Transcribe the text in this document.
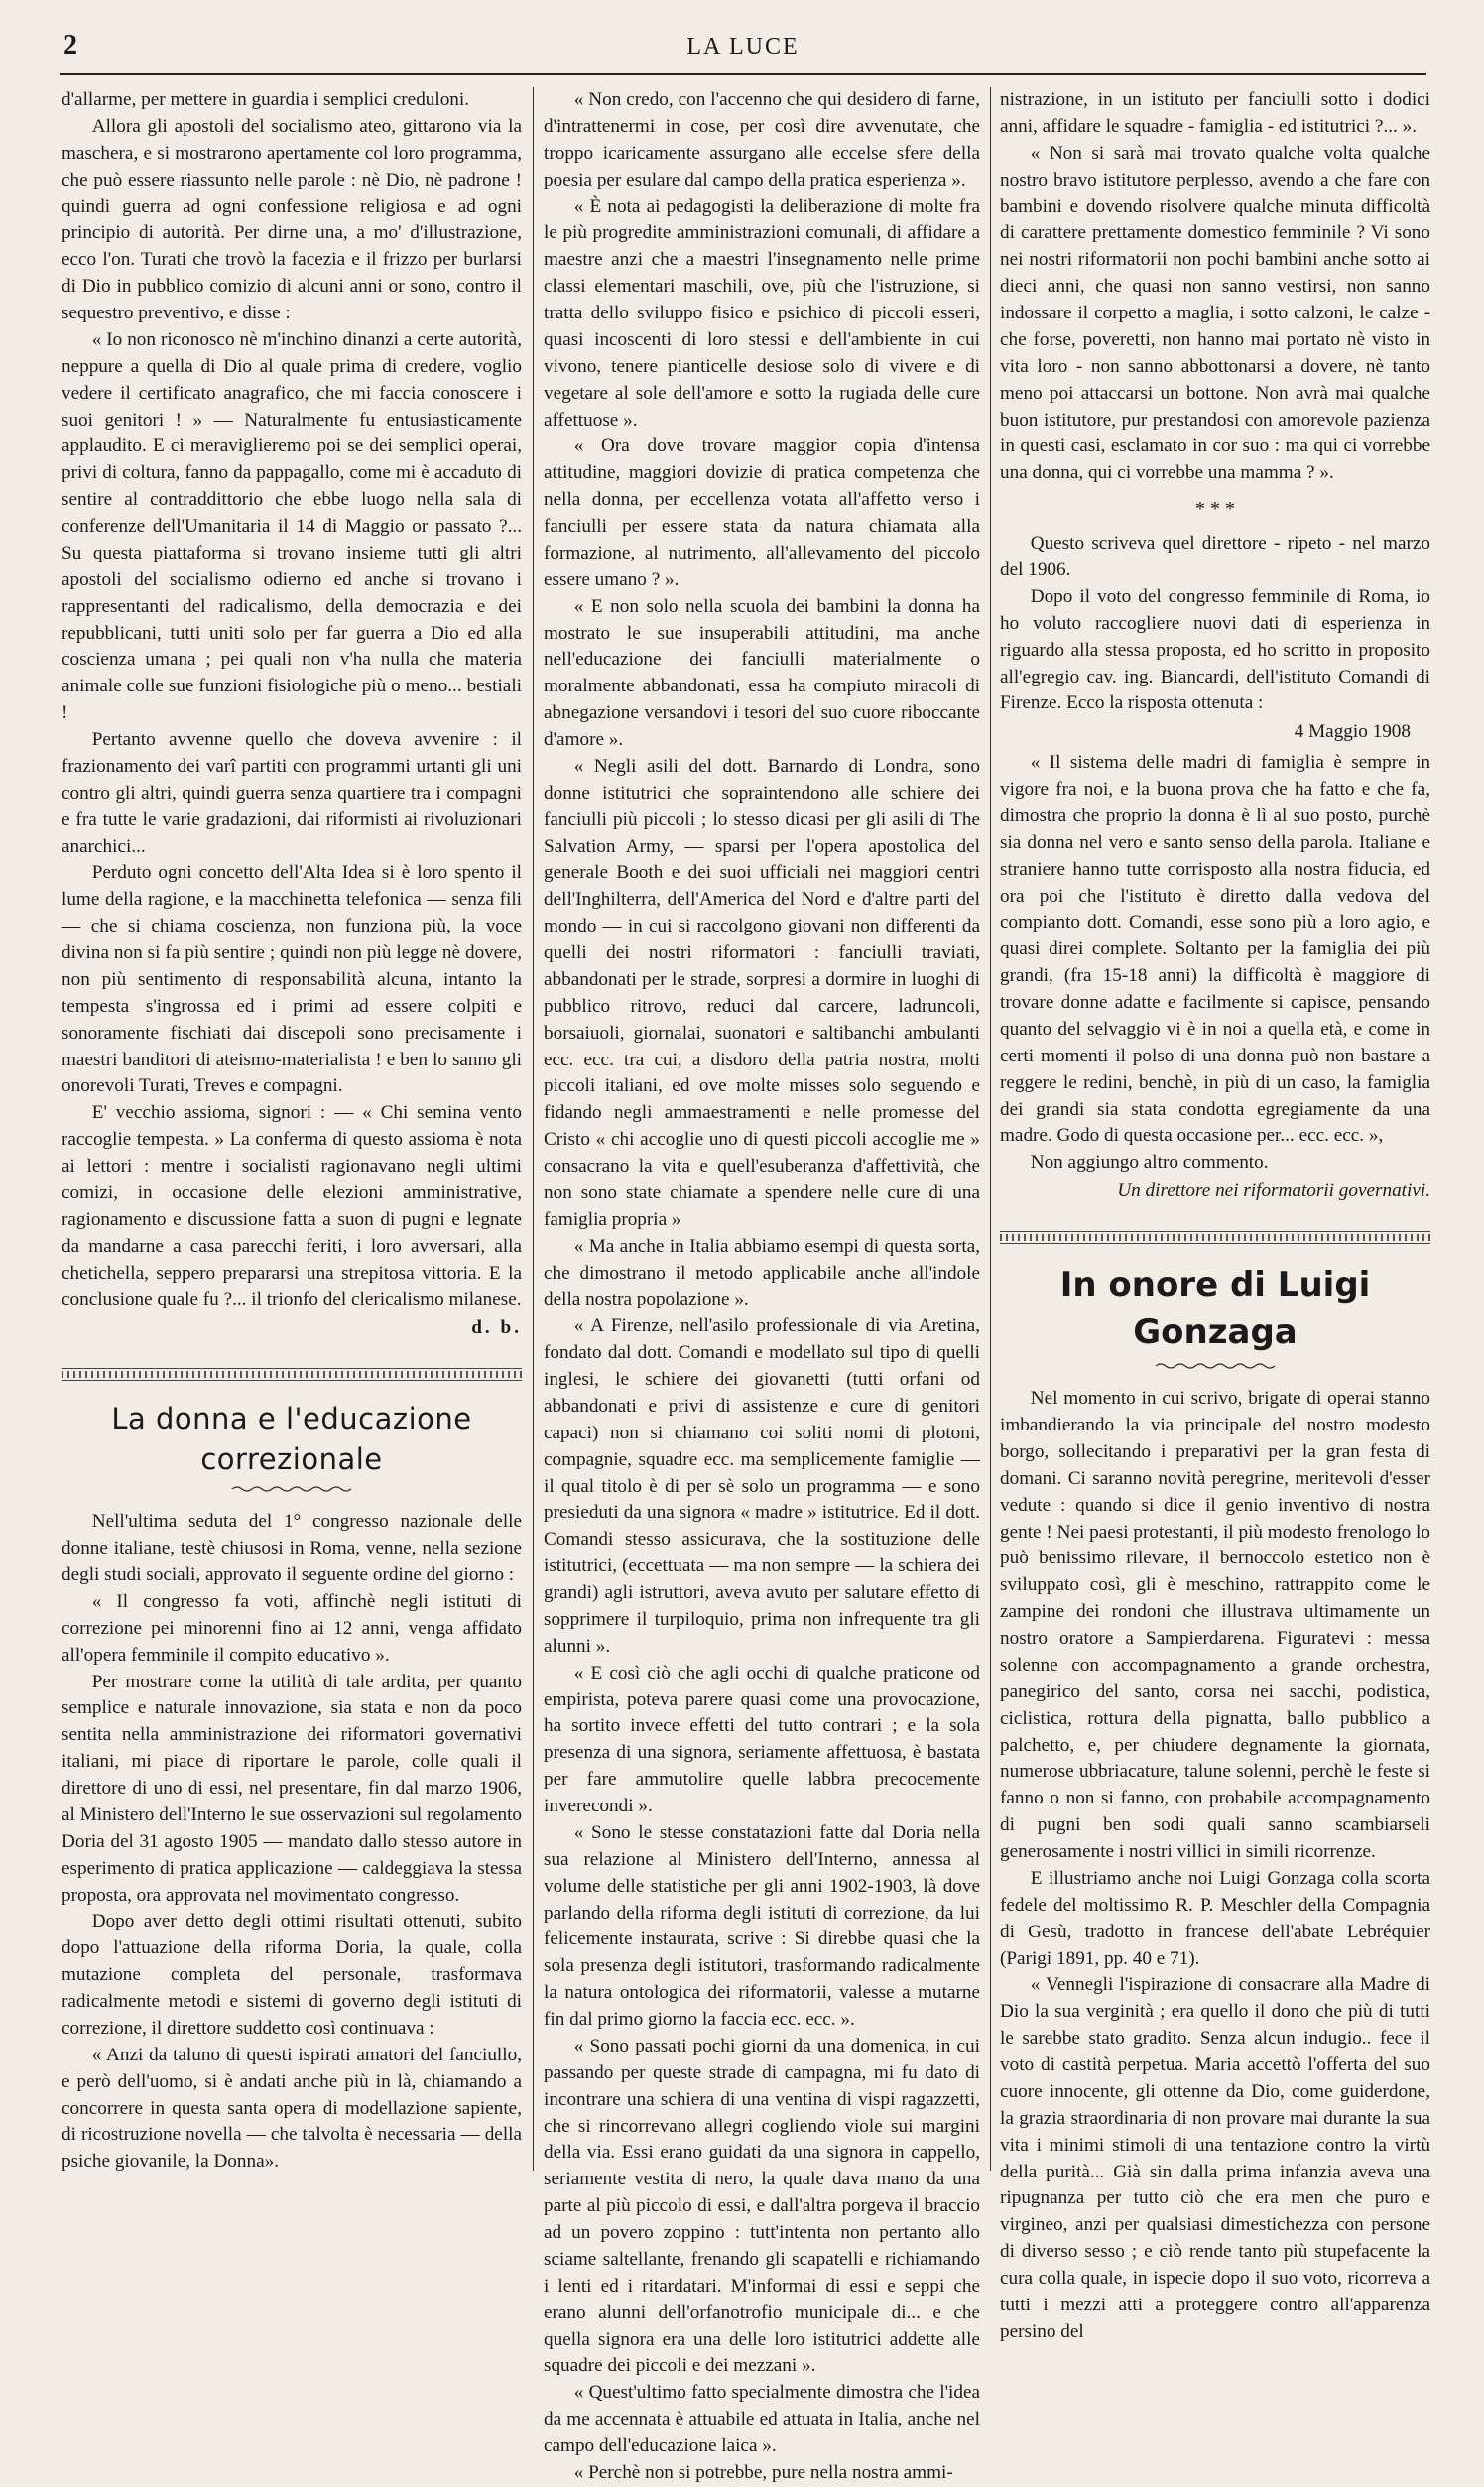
2	LA LUCE

d'allarme, per mettere in guardia i semplici creduloni.

Allora gli apostoli del socialismo ateo, gittarono via la maschera, e si mostrarono apertamente col loro programma, che può essere riassunto nelle parole : nè Dio, nè padrone ! quindi guerra ad ogni confessione religiosa e ad ogni principio di autorità. Per dirne una, a mo' d'illustrazione, ecco l'on. Turati che trovò la facezia e il frizzo per burlarsi di Dio in pubblico comizio di alcuni anni or sono, contro il sequestro preventivo, e disse :

« Io non riconosco nè m'inchino dinanzi a certe autorità, neppure a quella di Dio al quale prima di credere, voglio vedere il certificato anagrafico, che mi faccia conoscere i suoi genitori ! » — Naturalmente fu entusiasticamente applaudito. E ci meraviglieremo poi se dei semplici operai, privi di coltura, fanno da pappagallo, come mi è accaduto di sentire al contraddittorio che ebbe luogo nella sala di conferenze dell'Umanitaria il 14 di Maggio or passato ?... Su questa piattaforma si trovano insieme tutti gli altri apostoli del socialismo odierno ed anche si trovano i rappresentanti del radicalismo, della democrazia e dei repubblicani, tutti uniti solo per far guerra a Dio ed alla coscienza umana ; pei quali non v'ha nulla che materia animale colle sue funzioni fisiologiche più o meno... bestiali !

Pertanto avvenne quello che doveva avvenire : il frazionamento dei varî partiti con programmi urtanti gli uni contro gli altri, quindi guerra senza quartiere tra i compagni e fra tutte le varie gradazioni, dai riformisti ai rivoluzionari anarchici...

Perduto ogni concetto dell'Alta Idea si è loro spento il lume della ragione, e la macchinetta telefonica — senza fili — che si chiama coscienza, non funziona più, la voce divina non si fa più sentire ; quindi non più legge nè dovere, non più sentimento di responsabilità alcuna, intanto la tempesta s'ingrossa ed i primi ad essere colpiti e sonoramente fischiati dai discepoli sono precisamente i maestri banditori di ateismo-materialista ! e ben lo sanno gli onorevoli Turati, Treves e compagni.

E' vecchio assioma, signori : — « Chi semina vento raccoglie tempesta. » La conferma di questo assioma è nota ai lettori : mentre i socialisti ragionavano negli ultimi comizi, in occasione delle elezioni amministrative, ragionamento e discussione fatta a suon di pugni e legnate da mandarne a casa parecchi feriti, i loro avversari, alla chetichella, seppero prepararsi una strepitosa vittoria. E la conclusione quale fu ?... il trionfo del clericalismo milanese.

d. b.
La donna e l'educazione correzionale

Nell'ultima seduta del 1° congresso nazionale delle donne italiane, testè chiusosi in Roma, venne, nella sezione degli studi sociali, approvato il seguente ordine del giorno :

« Il congresso fa voti, affinchè negli istituti di correzione pei minorenni fino ai 12 anni, venga affidato all'opera femminile il compito educativo ».

Per mostrare come la utilità di tale ardita, per quanto semplice e naturale innovazione, sia stata e non da poco sentita nella amministrazione dei riformatori governativi italiani, mi piace di riportare le parole, colle quali il direttore di uno di essi, nel presentare, fin dal marzo 1906, al Ministero dell'Interno le sue osservazioni sul regolamento Doria del 31 agosto 1905 — mandato dallo stesso autore in esperimento di pratica applicazione — caldeggiava la stessa proposta, ora approvata nel movimentato congresso.

Dopo aver detto degli ottimi risultati ottenuti, subito dopo l'attuazione della riforma Doria, la quale, colla mutazione completa del personale, trasformava radicalmente metodi e sistemi di governo degli istituti di correzione, il direttore suddetto così continuava :

« Anzi da taluno di questi ispirati amatori del fanciullo, e però dell'uomo, si è andati anche più in là, chiamando a concorrere in questa santa opera di modellazione sapiente, di ricostruzione novella — che talvolta è necessaria — della psiche giovanile, la Donna».

« Non credo, con l'accenno che qui desidero di farne, d'intrattenermi in cose, per così dire avvenutate, che troppo icaricamente assurgano alle eccelse sfere della poesia per esulare dal campo della pratica esperienza ».

« È nota ai pedagogisti la deliberazione di molte fra le più progredite amministrazioni comunali, di affidare a maestre anzi che a maestri l'insegnamento nelle prime classi elementari maschili, ove, più che l'istruzione, si tratta dello sviluppo fisico e psichico di piccoli esseri, quasi incoscenti di loro stessi e dell'ambiente in cui vivono, tenere pianticelle desiose solo di vivere e di vegetare al sole dell'amore e sotto la rugiada delle cure affettuose ».

« Ora dove trovare maggior copia d'intensa attitudine, maggiori dovizie di pratica competenza che nella donna, per eccellenza votata all'affetto verso i fanciulli per essere stata da natura chiamata alla formazione, al nutrimento, all'allevamento del piccolo essere umano ? ».

« E non solo nella scuola dei bambini la donna ha mostrato le sue insuperabili attitudini, ma anche nell'educazione dei fanciulli materialmente o moralmente abbandonati, essa ha compiuto miracoli di abnegazione versandovi i tesori del suo cuore riboccante d'amore ».

« Negli asili del dott. Barnardo di Londra, sono donne istitutrici che sopraintendono alle schiere dei fanciulli più piccoli ; lo stesso dicasi per gli asili di The Salvation Army, — sparsi per l'opera apostolica del generale Booth e dei suoi ufficiali nei maggiori centri dell'Inghilterra, dell'America del Nord e d'altre parti del mondo — in cui si raccolgono giovani non differenti da quelli dei nostri riformatori : fanciulli traviati, abbandonati per le strade, sorpresi a dormire in luoghi di pubblico ritrovo, reduci dal carcere, ladruncoli, borsaiuoli, giornalai, suonatori e saltibanchi ambulanti ecc. ecc. tra cui, a disdoro della patria nostra, molti piccoli italiani, ed ove molte misses solo seguendo e fidando negli ammaestramenti e nelle promesse del Cristo « chi accoglie uno di questi piccoli accoglie me » consacrano la vita e quell'esuberanza d'affettività, che non sono state chiamate a spendere nelle cure di una famiglia propria »

« Ma anche in Italia abbiamo esempi di questa sorta, che dimostrano il metodo applicabile anche all'indole della nostra popolazione ».

« A Firenze, nell'asilo professionale di via Aretina, fondato dal dott. Comandi e modellato sul tipo di quelli inglesi, le schiere dei giovanetti (tutti orfani od abbandonati e privi di assistenze e cure di genitori capaci) non si chiamano coi soliti nomi di plotoni, compagnie, squadre ecc. ma semplicemente famiglie — il qual titolo è di per sè solo un programma — e sono presieduti da una signora « madre » istitutrice. Ed il dott. Comandi stesso assicurava, che la sostituzione delle istitutrici, (eccettuata — ma non sempre — la schiera dei grandi) agli istruttori, aveva avuto per salutare effetto di sopprimere il turpiloquio, prima non infrequente tra gli alunni ».

« E così ciò che agli occhi di qualche praticone od empirista, poteva parere quasi come una provocazione, ha sortito invece effetti del tutto contrari ; e la sola presenza di una signora, seriamente affettuosa, è bastata per fare ammutolire quelle labbra precocemente inverecondi ».

« Sono le stesse constatazioni fatte dal Doria nella sua relazione al Ministero dell'Interno, annessa al volume delle statistiche per gli anni 1902-1903, là dove parlando della riforma degli istituti di correzione, da lui felicemente instaurata, scrive : Si direbbe quasi che la sola presenza degli istitutori, trasformando radicalmente la natura ontologica dei riformatorii, valesse a mutarne fin dal primo giorno la faccia ecc. ecc. ».

« Sono passati pochi giorni da una domenica, in cui passando per queste strade di campagna, mi fu dato di incontrare una schiera di una ventina di vispi ragazzetti, che si rincorrevano allegri cogliendo viole sui margini della via. Essi erano guidati da una signora in cappello, seriamente vestita di nero, la quale dava mano da una parte al più piccolo di essi, e dall'altra porgeva il braccio ad un povero zoppino : tutt'intenta non pertanto allo sciame saltellante, frenando gli scapatelli e richiamando i lenti ed i ritardatari. M'informai di essi e seppi che erano alunni dell'orfanotrofio municipale di... e che quella signora era una delle loro istitutrici addette alle squadre dei piccoli e dei mezzani ».

« Quest'ultimo fatto specialmente dimostra che l'idea da me accennata è attuabile ed attuata in Italia, anche nel campo dell'educazione laica ».

« Perchè non si potrebbe, pure nella nostra ammi-

nistrazione, in un istituto per fanciulli sotto i dodici anni, affidare le squadre - famiglia - ed istitutrici ?... ».

« Non si sarà mai trovato qualche volta qualche nostro bravo istitutore perplesso, avendo a che fare con bambini e dovendo risolvere qualche minuta difficoltà di carattere prettamente domestico femminile ? Vi sono nei nostri riformatorii non pochi bambini anche sotto ai dieci anni, che quasi non sanno vestirsi, non sanno indossare il corpetto a maglia, i sotto calzoni, le calze - che forse, poveretti, non hanno mai portato nè visto in vita loro - non sanno abbottonarsi a dovere, nè tanto meno poi attaccarsi un bottone. Non avrà mai qualche buon istitutore, pur prestandosi con amorevole pazienza in questi casi, esclamato in cor suo : ma qui ci vorrebbe una donna, qui ci vorrebbe una mamma ? ».

* * *

Questo scriveva quel direttore - ripeto - nel marzo del 1906.

Dopo il voto del congresso femminile di Roma, io ho voluto raccogliere nuovi dati di esperienza in riguardo alla stessa proposta, ed ho scritto in proposito all'egregio cav. ing. Biancardi, dell'istituto Comandi di Firenze. Ecco la risposta ottenuta :

4 Maggio 1908

« Il sistema delle madri di famiglia è sempre in vigore fra noi, e la buona prova che ha fatto e che fa, dimostra che proprio la donna è lì al suo posto, purchè sia donna nel vero e santo senso della parola. Italiane e straniere hanno tutte corrisposto alla nostra fiducia, ed ora poi che l'istituto è diretto dalla vedova del compianto dott. Comandi, esse sono più a loro agio, e quasi direi complete. Soltanto per la famiglia dei più grandi, (fra 15-18 anni) la difficoltà è maggiore di trovare donne adatte e facilmente si capisce, pensando quanto del selvaggio vi è in noi a quella età, e come in certi momenti il polso di una donna può non bastare a reggere le redini, benchè, in più di un caso, la famiglia dei grandi sia stata condotta egregiamente da una madre. Godo di questa occasione per... ecc. ecc. »,

Non aggiungo altro commento.

Un direttore nei riformatorii governativi.
In onore di Luigi Gonzaga

Nel momento in cui scrivo, brigate di operai stanno imbandierando la via principale del nostro modesto borgo, sollecitando i preparativi per la gran festa di domani. Ci saranno novità peregrine, meritevoli d'esser vedute : quando si dice il genio inventivo di nostra gente ! Nei paesi protestanti, il più modesto frenologo lo può benissimo rilevare, il bernoccolo estetico non è sviluppato così, gli è meschino, rattrappito come le zampine dei rondoni che illustrava ultimamente un nostro oratore a Sampierdarena. Figuratevi : messa solenne con accompagnamento a grande orchestra, panegirico del santo, corsa nei sacchi, podistica, ciclistica, rottura della pignatta, ballo pubblico a palchetto, e, per chiudere degnamente la giornata, numerose ubbriacature, talune solenni, perchè le feste si fanno o non si fanno, con probabile accompagnamento di pugni ben sodi quali sanno scambiarseli generosamente i nostri villici in simili ricorrenze.

E illustriamo anche noi Luigi Gonzaga colla scorta fedele del moltissimo R. P. Meschler della Compagnia di Gesù, tradotto in francese dell'abate Lebréquier (Parigi 1891, pp. 40 e 71).

« Vennegli l'ispirazione di consacrare alla Madre di Dio la sua verginità ; era quello il dono che più di tutti le sarebbe stato gradito. Senza alcun indugio.. fece il voto di castità perpetua. Maria accettò l'offerta del suo cuore innocente, gli ottenne da Dio, come guiderdone, la grazia straordinaria di non provare mai durante la sua vita i minimi stimoli di una tentazione contro la virtù della purità... Già sin dalla prima infanzia aveva una ripugnanza per tutto ciò che era men che puro e virgineo, anzi per qualsiasi dimestichezza con persone di diverso sesso ; e ciò rende tanto più stupefacente la cura colla quale, in ispecie dopo il suo voto, ricorreva a tutti i mezzi atti a proteggere contro all'apparenza persino del
